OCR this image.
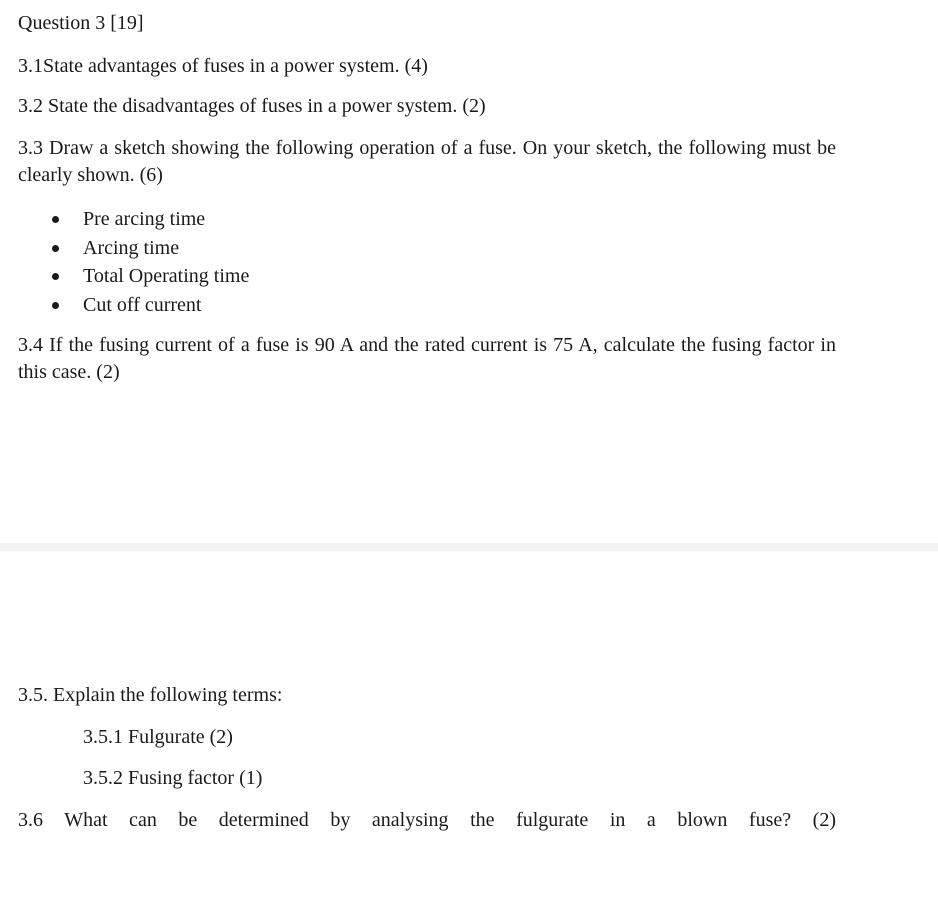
Question 3 [19]
3.1State advantages of fuses in a power system. (4)
3.2 State the disadvantages of fuses in a power system. (2)
3.3 Draw a sketch showing the following operation of a fuse. On your sketch, the following must be clearly shown. (6)
Pre arcing time
Arcing time
Total Operating time
Cut off current
3.4 If the fusing current of a fuse is 90 A and the rated current is 75 A, calculate the fusing factor in this case. (2)
3.5. Explain the following terms:
3.5.1 Fulgurate (2)
3.5.2 Fusing factor (1)
3.6 What can be determined by analysing the fulgurate in a blown fuse? (2)
